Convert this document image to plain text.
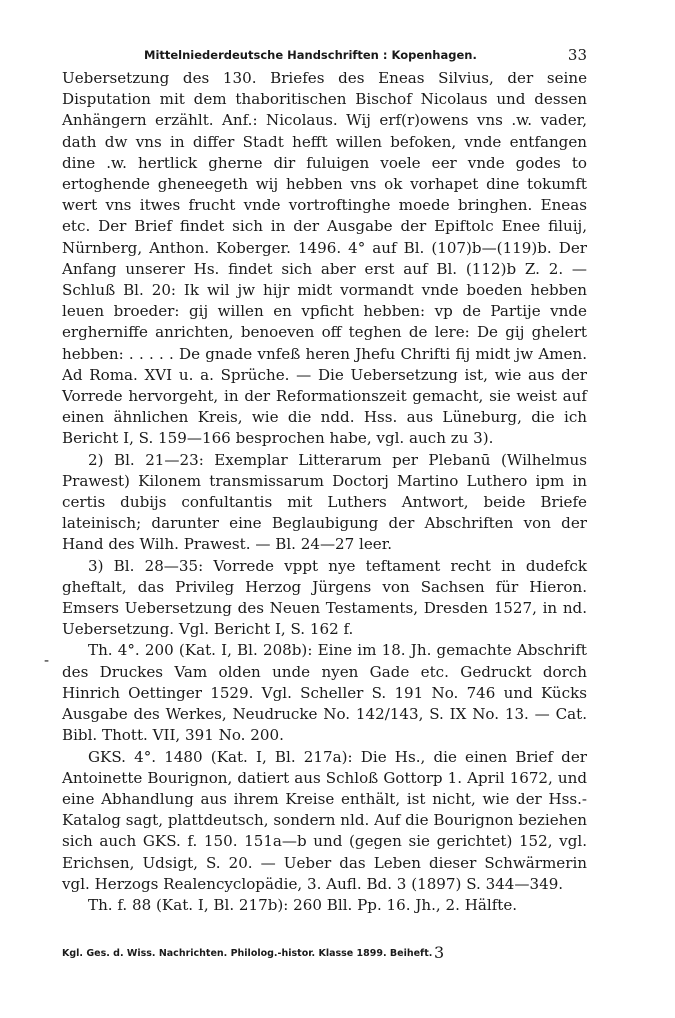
Mittelniederdeutsche Handschriften : Kopenhagen.	33

Uebersetzung des 130. Briefes des Eneas Silvius, der seine Disputation mit dem thaboritischen Bischof Nicolaus und dessen Anhängern erzählt. Anf.: Nicolaus. Wij erf(r)owens vns .w. vader, dath dw vns in differ Stadt hefft willen befoken, vnde entfangen dine .w. hertlick gherne dir fuluigen voele eer vnde godes to ertoghende gheneegeth wij hebben vns ok vorhapet dine tokumft wert vns itwes frucht vnde vortroftinghe moede bringhen. Eneas etc. Der Brief findet sich in der Ausgabe der Epiftolc Enee filuij, Nürnberg, Anthon. Koberger. 1496. 4° auf Bl. (107)b—(119)b. Der Anfang unserer Hs. findet sich aber erst auf Bl. (112)b Z. 2. — Schluß Bl. 20: Ik wil jw hijr midt vormandt vnde boeden hebben leuen broeder: gij willen en vpficht hebben: vp de Partije vnde ergherniffe anrichten, benoeven off teghen de lere: De gij ghelert hebben: . . . . . De gnade vnfeß heren Jhefu Chrifti fij midt jw Amen. Ad Roma. XVI u. a. Sprüche. — Die Uebersetzung ist, wie aus der Vorrede hervorgeht, in der Reformationszeit gemacht, sie weist auf einen ähnlichen Kreis, wie die ndd. Hss. aus Lüneburg, die ich Bericht I, S. 159—166 besprochen habe, vgl. auch zu 3).

2) Bl. 21—23: Exemplar Litterarum per Plebanū (Wilhelmus Prawest) Kilonem transmissarum Doctorj Martino Luthero ipm in certis dubijs confultantis mit Luthers Antwort, beide Briefe lateinisch; darunter eine Beglaubigung der Abschriften von der Hand des Wilh. Prawest. — Bl. 24—27 leer.

3) Bl. 28—35: Vorrede vppt nye teftament recht in dudefck gheftalt, das Privileg Herzog Jürgens von Sachsen für Hieron. Emsers Uebersetzung des Neuen Testaments, Dresden 1527, in nd. Uebersetzung. Vgl. Bericht I, S. 162 f.

Th. 4°. 200 (Kat. I, Bl. 208b): Eine im 18. Jh. gemachte Abschrift des Druckes Vam olden unde nyen Gade etc. Gedruckt dorch Hinrich Oettinger 1529. Vgl. Scheller S. 191 No. 746 und Kücks Ausgabe des Werkes, Neudrucke No. 142/143, S. IX No. 13. — Cat. Bibl. Thott. VII, 391 No. 200.

GKS. 4°. 1480 (Kat. I, Bl. 217a): Die Hs., die einen Brief der Antoinette Bourignon, datiert aus Schloß Gottorp 1. April 1672, und eine Abhandlung aus ihrem Kreise enthält, ist nicht, wie der Hss.-Katalog sagt, plattdeutsch, sondern nld. Auf die Bourignon beziehen sich auch GKS. f. 150. 151a—b und (gegen sie gerichtet) 152, vgl. Erichsen, Udsigt, S. 20. — Ueber das Leben dieser Schwärmerin vgl. Herzogs Realencyclopädie, 3. Aufl. Bd. 3 (1897) S. 344—349.

Th. f. 88 (Kat. I, Bl. 217b): 260 Bll. Pp. 16. Jh., 2. Hälfte.

-
Kgl. Ges. d. Wiss. Nachrichten. Philolog.-histor. Klasse 1899. Beiheft. 3
